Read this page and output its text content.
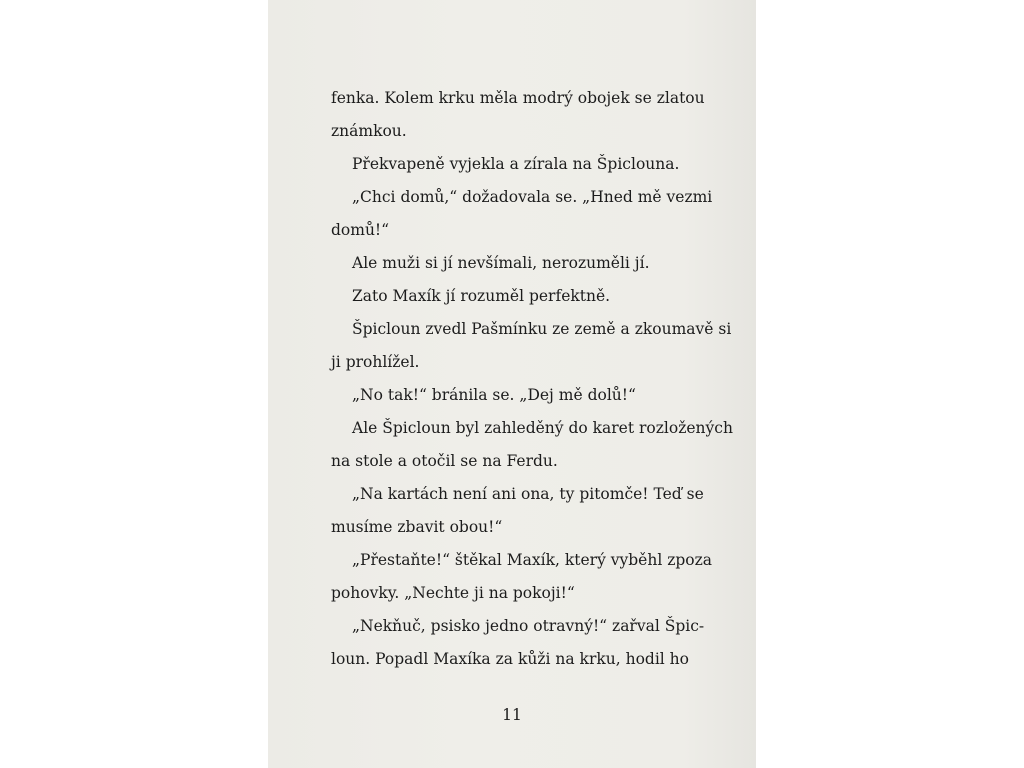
fenka. Kolem krku měla modrý obojek se zlatou
známkou.
Překvapeně vyjekla a zírala na Špiclouna.
„Chci domů,“ dožadovala se. „Hned mě vezmi
domů!“
Ale muži si jí nevšímali, nerozuměli jí.
Zato Maxík jí rozuměl perfektně.
Špicloun zvedl Pašmínku ze země a zkoumavě si
ji prohlížel.
„No tak!“ bránila se. „Dej mě dolů!“
Ale Špicloun byl zahleděný do karet rozložených
na stole a otočil se na Ferdu.
„Na kartách není ani ona, ty pitomče! Teď se
musíme zbavit obou!“
„Přestaňte!“ štěkal Maxík, který vyběhl zpoza
pohovky. „Nechte ji na pokoji!“
„Nekňuč, psisko jedno otravný!“ zařval Špic-
loun. Popadl Maxíka za kůži na krku, hodil ho
11
